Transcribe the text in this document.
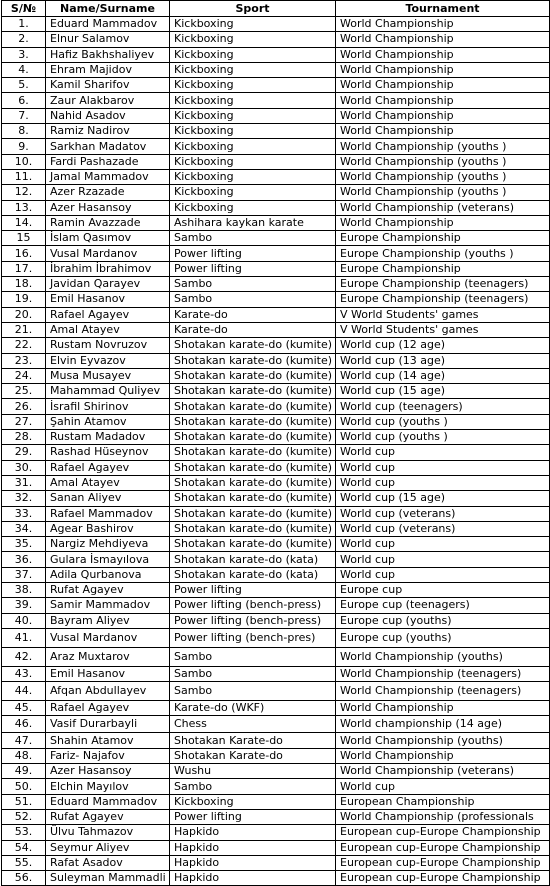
S/№	Name/Surname	Sport	Tournament
1.	Eduard Mammadov	Kickboxing	World Championship
2.	Elnur Salamov	Kickboxing	World Championship
3.	Hafiz Bakhshaliyev	Kickboxing	World Championship
4.	Ehram Majidov	Kickboxing	World Championship
5.	Kamil Sharifov	Kickboxing	World Championship
6.	Zaur Alakbarov	Kickboxing	World Championship
7.	Nahid Asadov	Kickboxing	World Championship
8.	Ramiz Nadirov	Kickboxing	World Championship
9.	Sarkhan Madatov	Kickboxing	World Championship (youths )
10.	Fardi Pashazade	Kickboxing	World Championship (youths )
11.	Jamal Mammadov	Kickboxing	World Championship (youths )
12.	Azer Rzazade	Kickboxing	World Championship (youths )
13.	Azer Hasansoy	Kickboxing	World Championship (veterans)
14.	Ramin Avazzade	Ashihara kaykan karate	World Championship
15	İslam Qasımov	Sambo	Europe Championship
16.	Vusal Mardanov	Power lifting	Europe Championship (youths )
17.	İbrahim İbrahimov	Power lifting	Europe Championship
18.	Javidan Qarayev	Sambo	Europe Championship (teenagers)
19.	Emil Hasanov	Sambo	Europe Championship (teenagers)
20.	Rafael Agayev	Karate-do	V World Students' games
21.	Amal Atayev	Karate-do	V World Students' games
22.	Rustam Novruzov	Shotakan karate-do (kumite)	World cup (12 age)
23.	Elvin Eyvazov	Shotakan karate-do (kumite)	World cup (13 age)
24.	Musa Musayev	Shotakan karate-do (kumite)	World cup (14 age)
25.	Mahammad Quliyev	Shotakan karate-do (kumite)	World cup (15 age)
26.	İsrafil Shirinov	Shotakan karate-do (kumite)	World cup (teenagers)
27.	Şahin Atamov	Shotakan karate-do (kumite)	World cup (youths )
28.	Rustam Madadov	Shotakan karate-do (kumite)	World cup (youths )
29.	Rashad Hüseynov	Shotakan karate-do (kumite)	World cup
30.	Rafael Agayev	Shotakan karate-do (kumite)	World cup
31.	Amal Atayev	Shotakan karate-do (kumite)	World cup
32.	Sanan Aliyev	Shotakan karate-do (kumite)	World cup (15 age)
33.	Rafael Mammadov	Shotakan karate-do (kumite)	World cup (veterans)
34.	Agear Bashirov	Shotakan karate-do (kumite)	World cup (veterans)
35.	Nargiz Mehdiyeva	Shotakan karate-do (kumite)	World cup
36.	Gulara İsmayılova	Shotakan karate-do (kata)	World cup
37.	Adila Qurbanova	Shotakan karate-do (kata)	World cup
38.	Rufat Agayev	Power lifting	Europe cup
39.	Samir Mammadov	Power lifting (bench-press)	Europe cup (teenagers)
40.	Bayram Aliyev	Power lifting (bench-press)	Europe cup (youths)
41.	Vusal Mardanov	Power lifting (bench-pres)	Europe cup (youths)
42.	Araz Muxtarov	Sambo	World Championship (youths)
43.	Emil Hasanov	Sambo	World Championship (teenagers)
44.	Afqan Abdullayev	Sambo	World Championship (teenagers)
45.	Rafael Agayev	Karate-do (WKF)	World Championship
46.	Vasif Durarbayli	Chess	World championship (14 age)
47.	Shahin Atamov	Shotakan Karate-do	World Championship (youths)
48.	Fariz- Najafov	Shotakan Karate-do	World Championship
49.	Azer Hasansoy	Wushu	World Championship (veterans)
50.	Elchin Mayılov	Sambo	World cup
51.	Eduard Mammadov	Kickboxing	European Championship
52.	Rufat Agayev	Power lifting	World Championship (professionals
53.	Ülvu Tahmazov	Hapkido	European cup-Europe Championship
54.	Seymur Aliyev	Hapkido	European cup-Europe Championship
55.	Rafat Asadov	Hapkido	European cup-Europe Championship
56.	Suleyman Mammadli	Hapkido	European cup-Europe Championship
